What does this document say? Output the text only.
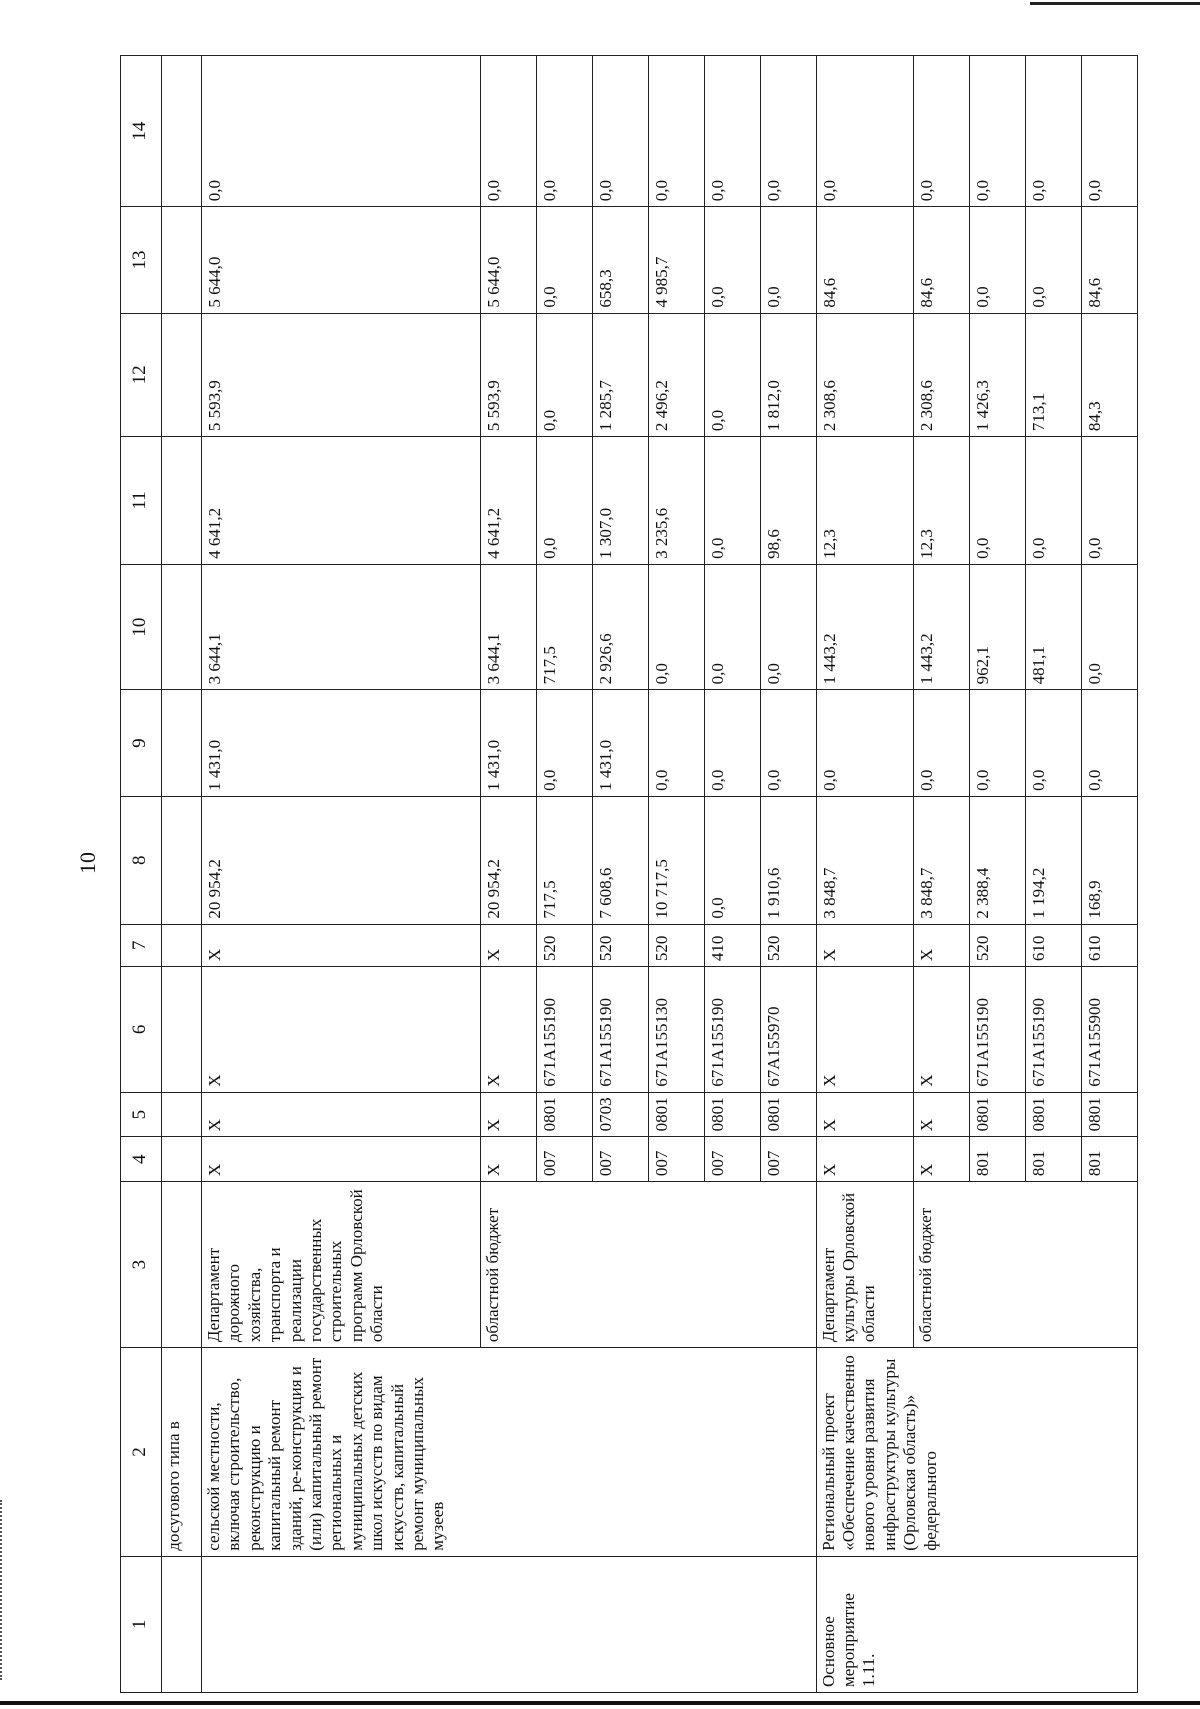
10
1	2	3	4	5	6	7	8	9	10	11	12	13	14
	досугового типа в												
	сельской местности, включая строительство, реконструкцию и капитальный ремонт зданий, ре-конструкция и (или) капитальный ремонт региональных и муниципальных детских школ искусств по видам искусств, капитальный ремонт муниципальных музеев	Департамент дорожного хозяйства, транспорта и реализации государственных строительных программ Орловской области	X	X	X	X	20 954,2	1 431,0	3 644,1	4 641,2	5 593,9	5 644,0	0,0
		областной бюджет	X	X	X	X	20 954,2	1 431,0	3 644,1	4 641,2	5 593,9	5 644,0	0,0
			007	0801	671A155190	520	717,5	0,0	717,5	0,0	0,0	0,0	0,0
			007	0703	671A155190	520	7 608,6	1 431,0	2 926,6	1 307,0	1 285,7	658,3	0,0
			007	0801	671A155130	520	10 717,5	0,0	0,0	3 235,6	2 496,2	4 985,7	0,0
			007	0801	671A155190	410	0,0	0,0	0,0	0,0	0,0	0,0	0,0
			007	0801	67A155970	520	1 910,6	0,0	0,0	98,6	1 812,0	0,0	0,0
Основное мероприятие 1.11.	Региональный проект «Обеспечение качественно нового уровня развития инфраструктуры культуры (Орловская область)» федерального	Департамент культуры Орловской области	X	X	X	X	3 848,7	0,0	1 443,2	12,3	2 308,6	84,6	0,0
		областной бюджет	X	X	X	X	3 848,7	0,0	1 443,2	12,3	2 308,6	84,6	0,0
			801	0801	671A155190	520	2 388,4	0,0	962,1	0,0	1 426,3	0,0	0,0
			801	0801	671A155190	610	1 194,2	0,0	481,1	0,0	713,1	0,0	0,0
			801	0801	671A155900	610	168,9	0,0	0,0	0,0	84,3	84,6	0,0
